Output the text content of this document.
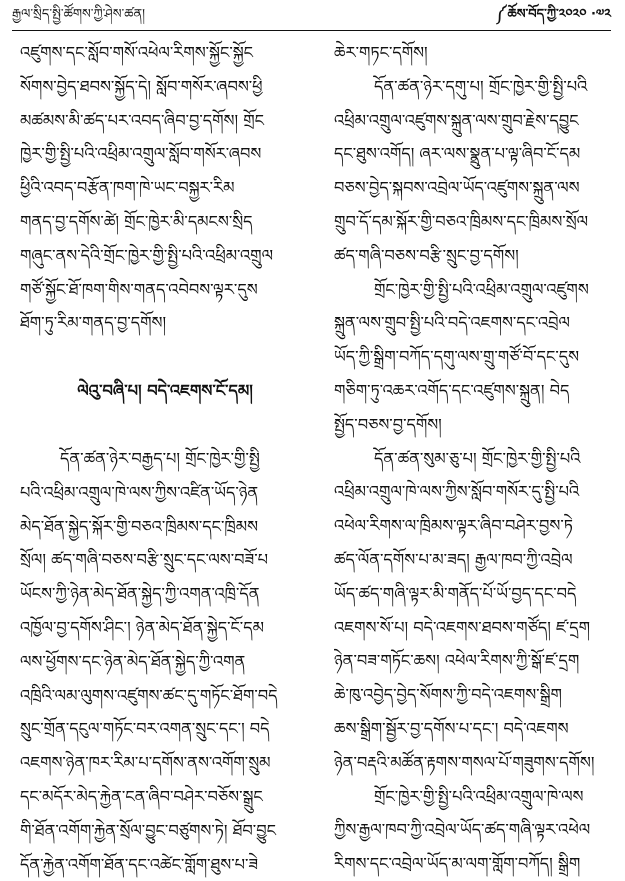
རྒྱལ་སྲིད་སྤྱི་ཚོགས་ཀྱི་ཤེས་ཚན།	༼ཆོས་བོད་ཀྱི་༢༠༢༠ ·༧༢

འཛུགས་དང་སློབ་གསོ་འཕེལ་རིགས་སྐྱོང་སྐྱོང

སོགས་བྱེད་ཐབས་སྐྱོད་དེ། སློབ་གསོར་ཞབས་ཕྱི

མཚམས་མི་ཚད་པར་འབད་ཞིབ་བྱ་དགོས། གྲོང

ཁྱེར་གྱི་སྤྱི་པའི་འཕྲིམ་འགྲུལ་སློབ་གསོར་ཞབས

ཕྱིའི་འབད་བརྩོན་ཁག་ཁེ་ཡང་བསྐྱར་རིམ

གནད་བྱ་དགོས་ཚེ། གྲོང་ཁྱེར་མི་དམངས་སྲིད

གཞུང་ནས་དེའི་གྲོང་ཁྱེར་གྱི་སྤྱི་པའི་འཕྲིམ་འགྲུལ

གཙོ་སྐྱོང་ཐོ་ཁག་གིས་གནད་འབེབས་ལྟར་དུས

ཐོག་ཏུ་རིམ་གནད་བྱ་དགོས།

ལེའུ་བཞི་པ། བདེ་འཇགས་ངོ་དམ།

དོན་ཚན་ཉེར་བརྒྱད་པ། གྲོང་ཁྱེར་གྱི་སྤྱི

པའི་འཕྲིམ་འགྲུལ་ཁེ་ལས་ཀྱིས་འཛིན་ཡོད་ཉེན

མེད་ཐོན་སྐྱེད་སྐོར་གྱི་བཅའ་ཁྲིམས་དང་ཁྲིམས

སྲོལ། ཚད་གཞི་བཅས་བརྩི་སྲུང་དང་ལས་བཟོ་པ

ཡོངས་ཀྱི་ཉེན་མེད་ཐོན་སྐྱེད་ཀྱི་འགན་འཁྲི་དོན

འཁྱོལ་བྱ་དགོས་ཤིང་། ཉེན་མེད་ཐོན་སྐྱེད་ངོ་དམ

ལས་ཕྱོགས་དང་ཉེན་མེད་ཐོན་སྐྱེད་ཀྱི་འགན

འཁྲིའི་ལམ་ལུགས་འཛུགས་ཚང་དུ་གཏོང་ཐོག་བདེ

སྲུང་གྲོན་དངུལ་གཏོང་བར་འགན་སྲུང་དང་། བདེ

འཇགས་ཉེན་ཁར་རིམ་པ་དགོས་ནས་འགོག་སྲུམ

དང་མདོར་མེད་རྐྱེན་ངན་ཞིབ་བཤེར་བཅོས་སྒྲུང

གི་ཐོན་འགོག་རྐྱེན་སྲོལ་བྱུང་བཙུགས་ཏེ། ཐོབ་བྱུང

དོན་རྐྱེན་འགོག་ཐོན་དང་འཚེང་གློག་ཐུས་པ་ཟེ

ཆེར་གཏང་དགོས།

དོན་ཚན་ཉེར་དགུ་པ། གྲོང་ཁྱེར་གྱི་སྤྱི་པའི

འཕྲིམ་འགྲུལ་འཛུགས་སྐྲུན་ལས་གྲུབ་རྗེས་དབྱུང

དང་ཐུས་འགོད། ཞར་ལས་སྣྲུན་པ་ལྟ་ཞིབ་ངོ་དམ

བཅས་བྱེད་སྐབས་འབྲེལ་ཡོད་འཛུགས་སྐྲུན་ལས

གྲུབ་དོ་དམ་སྐོར་གྱི་བཅའ་ཁྲིམས་དང་ཁྲིམས་སྲོལ

ཚད་གཞི་བཅས་བརྩི་སྲུང་བྱ་དགོས།

གྲོང་ཁྱེར་གྱི་སྤྱི་པའི་འཕྲིམ་འགྲུལ་འཛུགས

སྐྲུན་ལས་གྲུབ་སྤྱི་པའི་བདེ་འཇགས་དང་འབྲེལ

ཡོད་ཀྱི་སྒྲིག་བཀོད་དགུ་ལས་གྲུ་གཙོ་བོ་དང་དུས

གཅིག་ཏུ་འཆར་འགོད་དང་འཛུགས་སྐྲུན། བེད

སྤྱོད་བཅས་བྱ་དགོས།

དོན་ཚན་སུམ་ཅུ་པ། གྲོང་ཁྱེར་གྱི་སྤྱི་པའི

འཕྲིམ་འགྲུལ་ཁེ་ལས་ཀྱིས་སློབ་གསོར་དུ་སྤྱི་པའི

འཕེལ་རིགས་ལ་ཁྲིམས་ལྟར་ཞིབ་བཤེར་བྱས་ཏེ

ཚད་ལོན་དགོས་པ་མ་ཟད། རྒྱལ་ཁབ་ཀྱི་འབྲེལ

ཡོད་ཚད་གཞི་ལྟར་མི་གནོད་པོ་ཡོ་བྱད་དང་བདེ

འཇགས་སོ་པ། བདེ་འཇགས་ཐབས་གཙོད། ཛ་དྲག

ཉེན་བཟ་གཏོང་ཆས། འཕེལ་རིགས་ཀྱི་སྒོ་ཛ་དྲག

ཆེ་ཁུ་འབྱེད་བྱེད་སོགས་ཀྱི་བདེ་འཇགས་སྒྲིག

ཆས་སྒྲིག་སྦྱོར་བྱ་དགོས་པ་དང་། བདེ་འཇགས

ཉེན་བརྡའི་མཚོན་རྟགས་གསལ་པོ་གཟུགས་དགོས།

གྲོང་ཁྱེར་གྱི་སྤྱི་པའི་འཕྲིམ་འགྲུལ་ཁེ་ལས

ཀྱིས་རྒྱལ་ཁབ་ཀྱི་འབྲེལ་ཡོད་ཚད་གཞི་ལྟར་འཕེལ

རིགས་དང་འབྲེལ་ཡོད་མ་ལག་གློག་བཀོད། སྒྲིག
